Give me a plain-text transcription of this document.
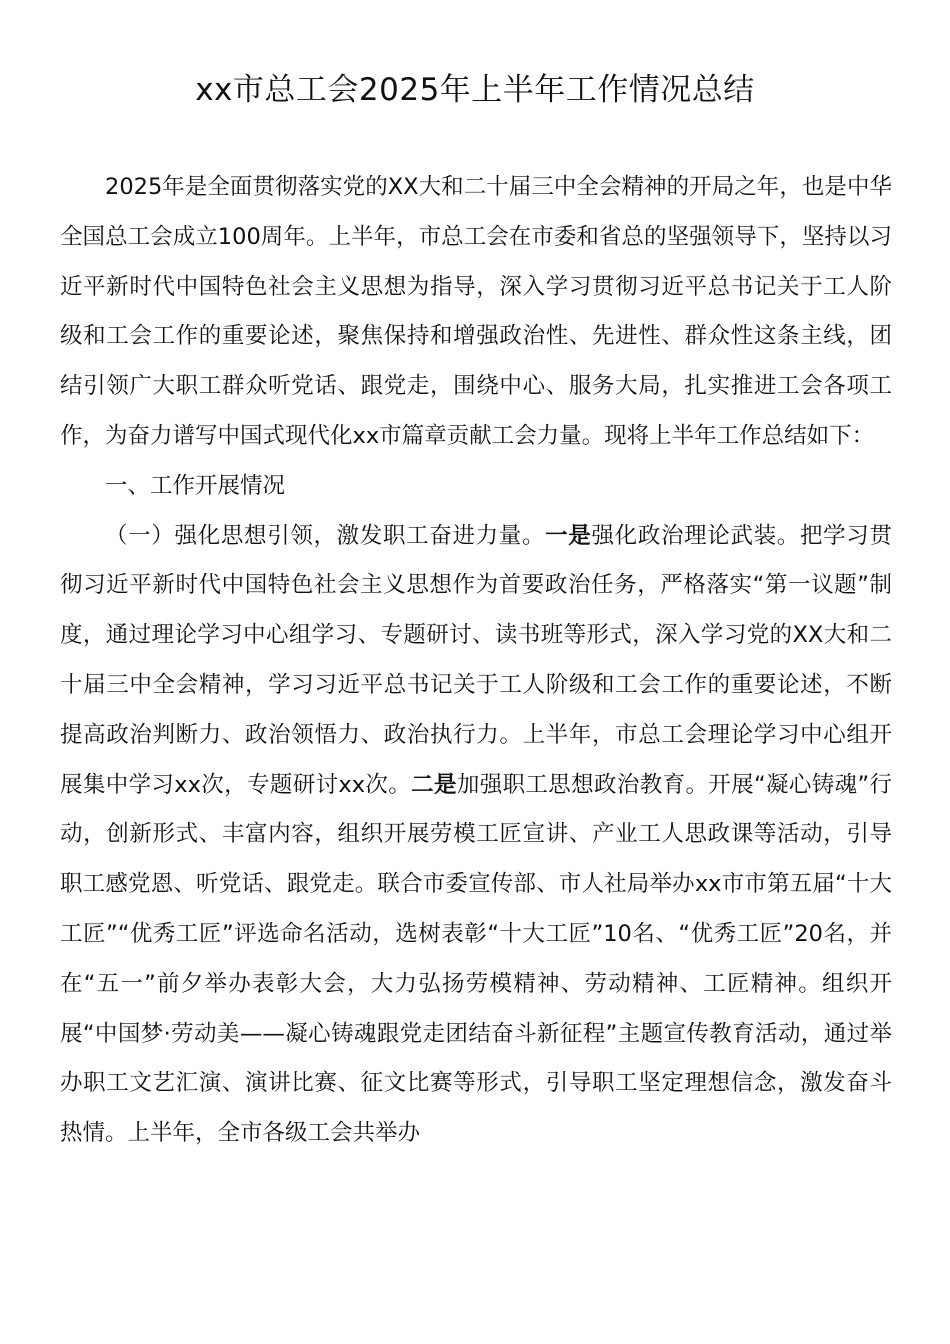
xx市总工会2025年上半年工作情况总结

2025年是全面贯彻落实党的XX大和二十届三中全会精神的开局之年，也是中华全国总工会成立100周年。上半年，市总工会在市委和省总的坚强领导下，坚持以习近平新时代中国特色社会主义思想为指导，深入学习贯彻习近平总书记关于工人阶级和工会工作的重要论述，聚焦保持和增强政治性、先进性、群众性这条主线，团结引领广大职工群众听党话、跟党走，围绕中心、服务大局，扎实推进工会各项工作，为奋力谱写中国式现代化xx市篇章贡献工会力量。现将上半年工作总结如下：

一、工作开展情况

（一）强化思想引领，激发职工奋进力量。一是强化政治理论武装。把学习贯彻习近平新时代中国特色社会主义思想作为首要政治任务，严格落实“第一议题”制度，通过理论学习中心组学习、专题研讨、读书班等形式，深入学习党的XX大和二十届三中全会精神，学习习近平总书记关于工人阶级和工会工作的重要论述，不断提高政治判断力、政治领悟力、政治执行力。上半年，市总工会理论学习中心组开展集中学习xx次，专题研讨xx次。二是加强职工思想政治教育。开展“凝心铸魂”行动，创新形式、丰富内容，组织开展劳模工匠宣讲、产业工人思政课等活动，引导职工感党恩、听党话、跟党走。联合市委宣传部、市人社局举办xx市市第五届“十大工匠”“优秀工匠”评选命名活动，选树表彰“十大工匠”10名、“优秀工匠”20名，并在“五一”前夕举办表彰大会，大力弘扬劳模精神、劳动精神、工匠精神。组织开展“中国梦·劳动美——凝心铸魂跟党走团结奋斗新征程”主题宣传教育活动，通过举办职工文艺汇演、演讲比赛、征文比赛等形式，引导职工坚定理想信念，激发奋斗热情。上半年，全市各级工会共举办
